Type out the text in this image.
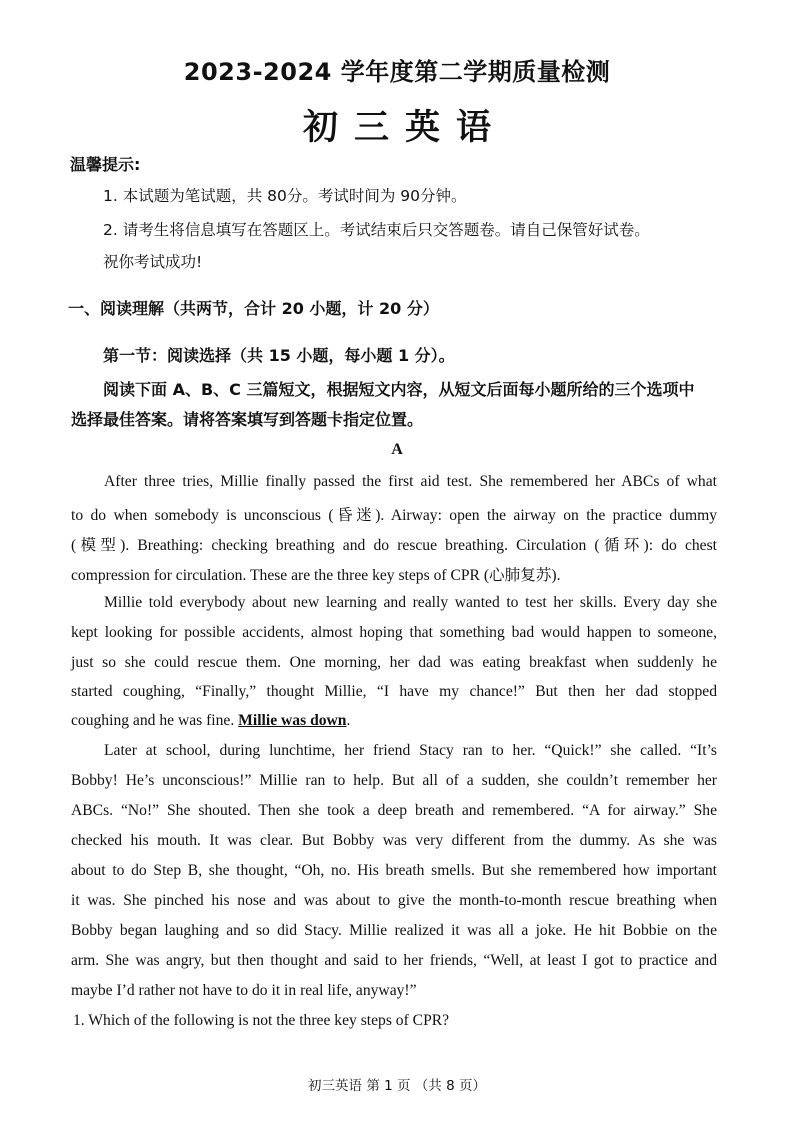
2023-2024 学年度第二学期质量检测
初三英语
温馨提示:
1. 本试题为笔试题，共 80分。考试时间为 90分钟。
2. 请考生将信息填写在答题区上。考试结束后只交答题卷。请自己保管好试卷。
祝你考试成功!
一、阅读理解（共两节，合计 20 小题，计 20 分）
第一节：阅读选择（共 15 小题，每小题 1 分）。
阅读下面 A、B、C 三篇短文，根据短文内容，从短文后面每小题所给的三个选项中
选择最佳答案。请将答案填写到答题卡指定位置。
A
After three tries, Millie finally passed the first aid test. She remembered her ABCs of what
to do when somebody is unconscious (昏迷). Airway: open the airway on the practice dummy
(模型). Breathing: checking breathing and do rescue breathing. Circulation (循环): do chest
compression for circulation. These are the three key steps of CPR (心肺复苏).
Millie told everybody about new learning and really wanted to test her skills. Every day she
kept looking for possible accidents, almost hoping that something bad would happen to someone,
just so she could rescue them. One morning, her dad was eating breakfast when suddenly he
started coughing, “Finally,” thought Millie, “I have my chance!” But then her dad stopped
coughing and he was fine. Millie was down.
Later at school, during lunchtime, her friend Stacy ran to her. “Quick!” she called. “It’s
Bobby! He’s unconscious!” Millie ran to help. But all of a sudden, she couldn’t remember her
ABCs. “No!” She shouted. Then she took a deep breath and remembered. “A for airway.” She
checked his mouth. It was clear. But Bobby was very different from the dummy. As she was
about to do Step B, she thought, “Oh, no. His breath smells. But she remembered how important
it was. She pinched his nose and was about to give the month-to-month rescue breathing when
Bobby began laughing and so did Stacy. Millie realized it was all a joke. He hit Bobbie on the
arm. She was angry, but then thought and said to her friends, “Well, at least I got to practice and
maybe I’d rather not have to do it in real life, anyway!”
1. Which of the following is not the three key steps of CPR?
初三英语 第 1 页 （共 8 页）
